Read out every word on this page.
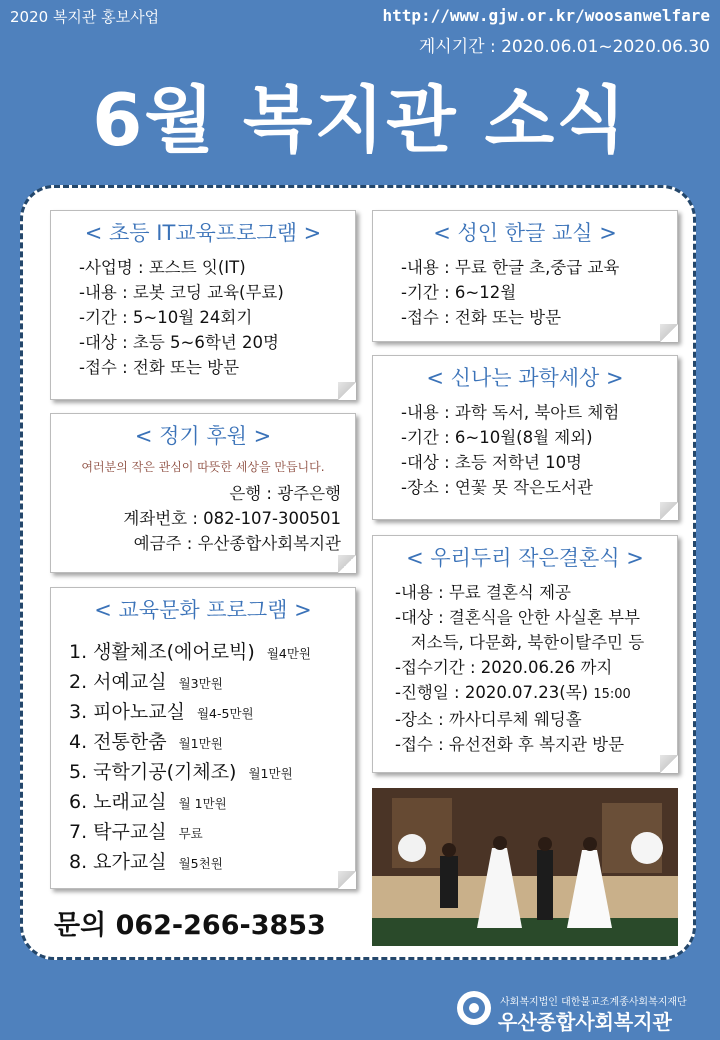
2020 복지관 홍보사업	http://www.gjw.or.kr/woosanwelfare
게시기간 : 2020.06.01~2020.06.30
6월 복지관 소식
< 초등 IT교육프로그램 >
-사업명 : 포스트 잇(IT)
-내용 : 로봇 코딩 교육(무료)
-기간 : 5~10월 24회기
-대상 : 초등 5~6학년 20명
-접수 : 전화 또는 방문
< 정기 후원 >
여러분의 작은 관심이 따뜻한 세상을 만듭니다.
은행 : 광주은행
계좌번호 : 082-107-300501
예금주 : 우산종합사회복지관
< 교육문화 프로그램 >
1. 생활체조(에어로빅) 월4만원
2. 서예교실 월3만원
3. 피아노교실 월4-5만원
4. 전통한춤 월1만원
5. 국학기공(기체조) 월1만원
6. 노래교실 월 1만원
7. 탁구교실 무료
8. 요가교실 월5천원
< 성인 한글 교실 >
-내용 : 무료 한글 초,중급 교육
-기간 : 6~12월
-접수 : 전화 또는 방문
< 신나는 과학세상 >
-내용 : 과학 독서, 북아트 체험
-기간 : 6~10월(8월 제외)
-대상 : 초등 저학년 10명
-장소 : 연꽃 못 작은도서관
< 우리두리 작은결혼식 >
-내용 : 무료 결혼식 제공
-대상 : 결혼식을 안한 사실혼 부부
저소득, 다문화, 북한이탈주민 등
-접수기간 : 2020.06.26 까지
-진행일 : 2020.07.23(목) 15:00
-장소 : 까사디루체 웨딩홀
-접수 : 유선전화 후 복지관 방문
문의 062-266-3853
사회복지법인 대한불교조계종사회복지재단
우산종합사회복지관
